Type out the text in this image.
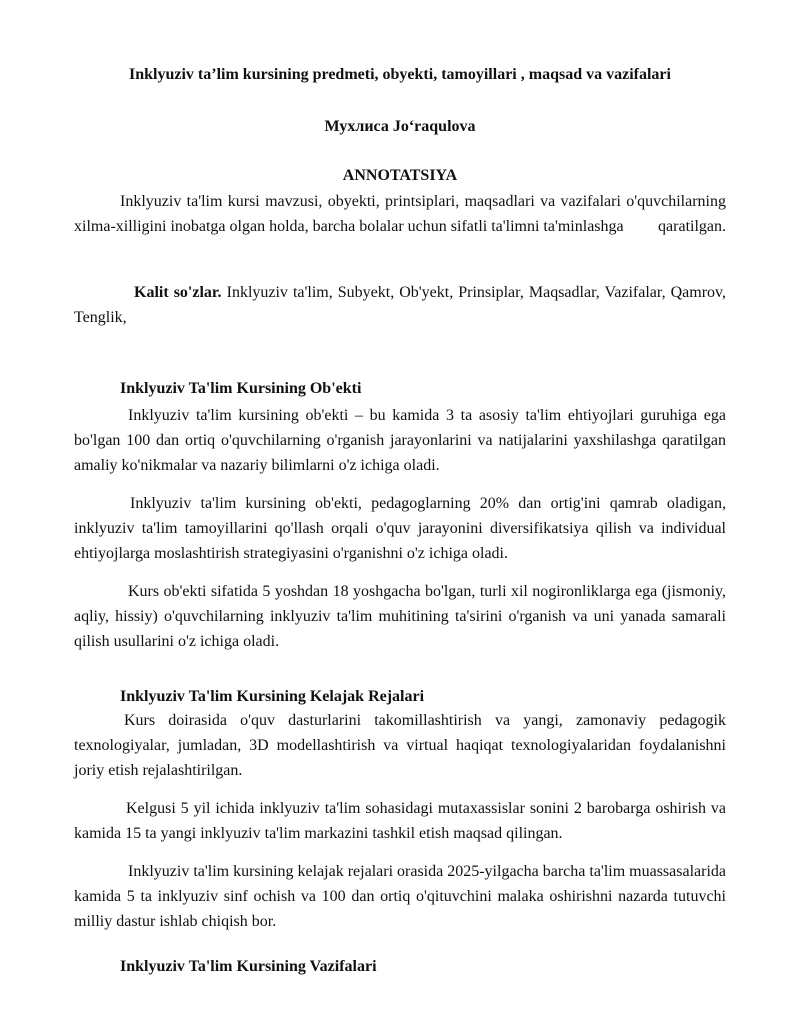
Inklyuziv ta’lim kursining predmeti, obyekti, tamoyillari , maqsad va vazifalari
Мухлиса Jo‘raqulova
ANNOTATSIYA
Inklyuziv ta'lim kursi mavzusi, obyekti, printsiplari, maqsadlari va vazifalari o'quvchilarning xilma-xilligini inobatga olgan holda, barcha bolalar uchun sifatli ta'limni ta'minlashga qaratilgan.
Kalit so'zlar. Inklyuziv ta'lim, Subyekt, Ob'yekt, Prinsiplar, Maqsadlar, Vazifalar, Qamrov, Tenglik,
Inklyuziv Ta'lim Kursining Ob'ekti
Inklyuziv ta'lim kursining ob'ekti – bu kamida 3 ta asosiy ta'lim ehtiyojlari guruhiga ega bo'lgan 100 dan ortiq o'quvchilarning o'rganish jarayonlarini va natijalarini yaxshilashga qaratilgan amaliy ko'nikmalar va nazariy bilimlarni o'z ichiga oladi.
Inklyuziv ta'lim kursining ob'ekti, pedagoglarning 20% dan ortig'ini qamrab oladigan, inklyuziv ta'lim tamoyillarini qo'llash orqali o'quv jarayonini diversifikatsiya qilish va individual ehtiyojlarga moslashtirish strategiyasini o'rganishni o'z ichiga oladi.
Kurs ob'ekti sifatida 5 yoshdan 18 yoshgacha bo'lgan, turli xil nogironliklarga ega (jismoniy, aqliy, hissiy) o'quvchilarning inklyuziv ta'lim muhitining ta'sirini o'rganish va uni yanada samarali qilish usullarini o'z ichiga oladi.
Inklyuziv Ta'lim Kursining Kelajak Rejalari
Kurs doirasida o'quv dasturlarini takomillashtirish va yangi, zamonaviy pedagogik texnologiyalar, jumladan, 3D modellashtirish va virtual haqiqat texnologiyalaridan foydalanishni joriy etish rejalashtirilgan.
Kelgusi 5 yil ichida inklyuziv ta'lim sohasidagi mutaxassislar sonini 2 barobarga oshirish va kamida 15 ta yangi inklyuziv ta'lim markazini tashkil etish maqsad qilingan.
Inklyuziv ta'lim kursining kelajak rejalari orasida 2025-yilgacha barcha ta'lim muassasalarida kamida 5 ta inklyuziv sinf ochish va 100 dan ortiq o'qituvchini malaka oshirishni nazarda tutuvchi milliy dastur ishlab chiqish bor.
Inklyuziv Ta'lim Kursining Vazifalari
